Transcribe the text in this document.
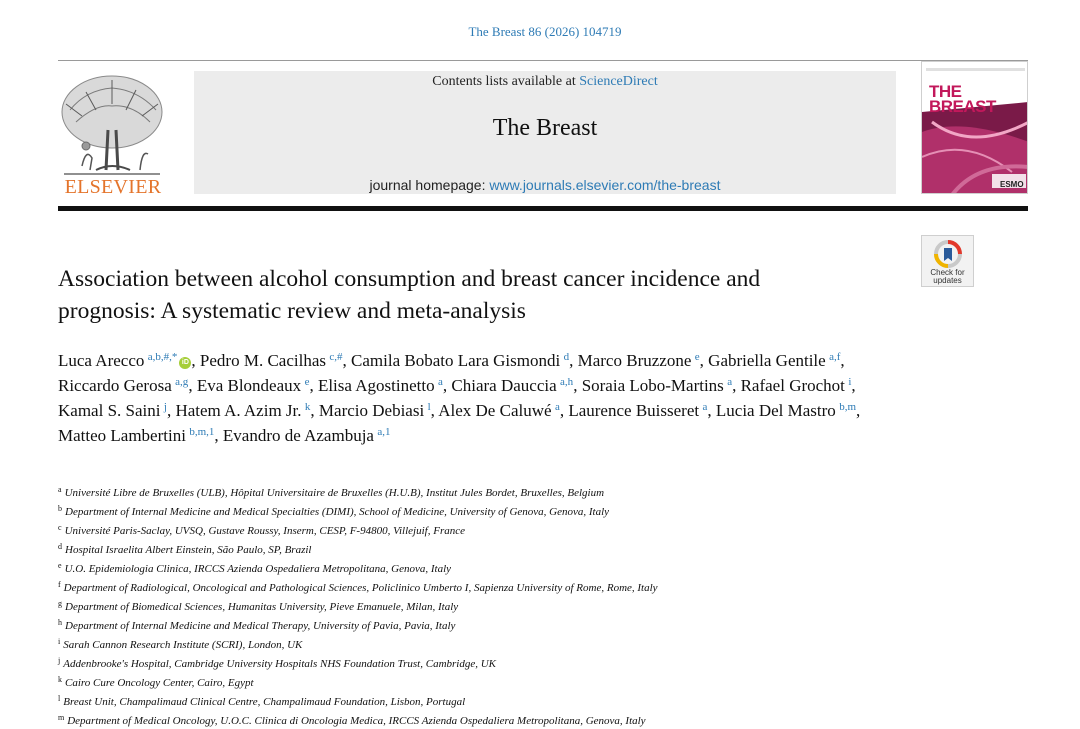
The Breast 86 (2026) 104719
ELSEVIER
Contents lists available at ScienceDirect
The Breast
journal homepage: www.journals.elsevier.com/the-breast
THE
BREAST
ESMO
Check for
updates
Association between alcohol consumption and breast cancer incidence and
prognosis: A systematic review and meta-analysis
Luca Arecco  $^{a,b,\#,*}$ iD , Pedro M. Cacilhas  $^{c,\#}$, Camila Bobato Lara Gismondi  $^d$, Marco Bruzzone  $^e$, Gabriella Gentile  $^{a,f}$, Riccardo Gerosa  $^{a,g}$, Eva Blondeaux  $^e$, Elisa Agostinetto  $^a$, Chiara Dauccia  $^{a,h}$, Soraia Lobo-Martins  $^a$, Rafael Grochot  $^i$, Kamal S. Saini  $^j$, Hatem A. Azim Jr.  $^k$, Marcio Debiasi  $^l$, Alex De Caluwé  $^a$, Laurence Buisseret  $^a$, Lucia Del Mastro  $^{b,m}$, Matteo Lambertini  $^{b,m,1}$, Evandro de Azambuja  $^{a,1}$
$^a$ Université Libre de Bruxelles (ULB), Hôpital Universitaire de Bruxelles (H.U.B), Institut Jules Bordet, Bruxelles, Belgium
$^b$ Department of Internal Medicine and Medical Specialties (DIMI), School of Medicine, University of Genova, Genova, Italy
$^c$ Université Paris-Saclay, UVSQ, Gustave Roussy, Inserm, CESP, F-94800, Villejuif, France
$^d$ Hospital Israelita Albert Einstein, São Paulo, SP, Brazil
$^e$ U.O. Epidemiologia Clinica, IRCCS Azienda Ospedaliera Metropolitana, Genova, Italy
$^f$ Department of Radiological, Oncological and Pathological Sciences, Policlinico Umberto I, Sapienza University of Rome, Rome, Italy
$^g$ Department of Biomedical Sciences, Humanitas University, Pieve Emanuele, Milan, Italy
$^h$ Department of Internal Medicine and Medical Therapy, University of Pavia, Pavia, Italy
$^i$ Sarah Cannon Research Institute (SCRI), London, UK
$^j$ Addenbrooke's Hospital, Cambridge University Hospitals NHS Foundation Trust, Cambridge, UK
$^k$ Cairo Cure Oncology Center, Cairo, Egypt
$^l$ Breast Unit, Champalimaud Clinical Centre, Champalimaud Foundation, Lisbon, Portugal
$^m$ Department of Medical Oncology, U.O.C. Clinica di Oncologia Medica, IRCCS Azienda Ospedaliera Metropolitana, Genova, Italy
